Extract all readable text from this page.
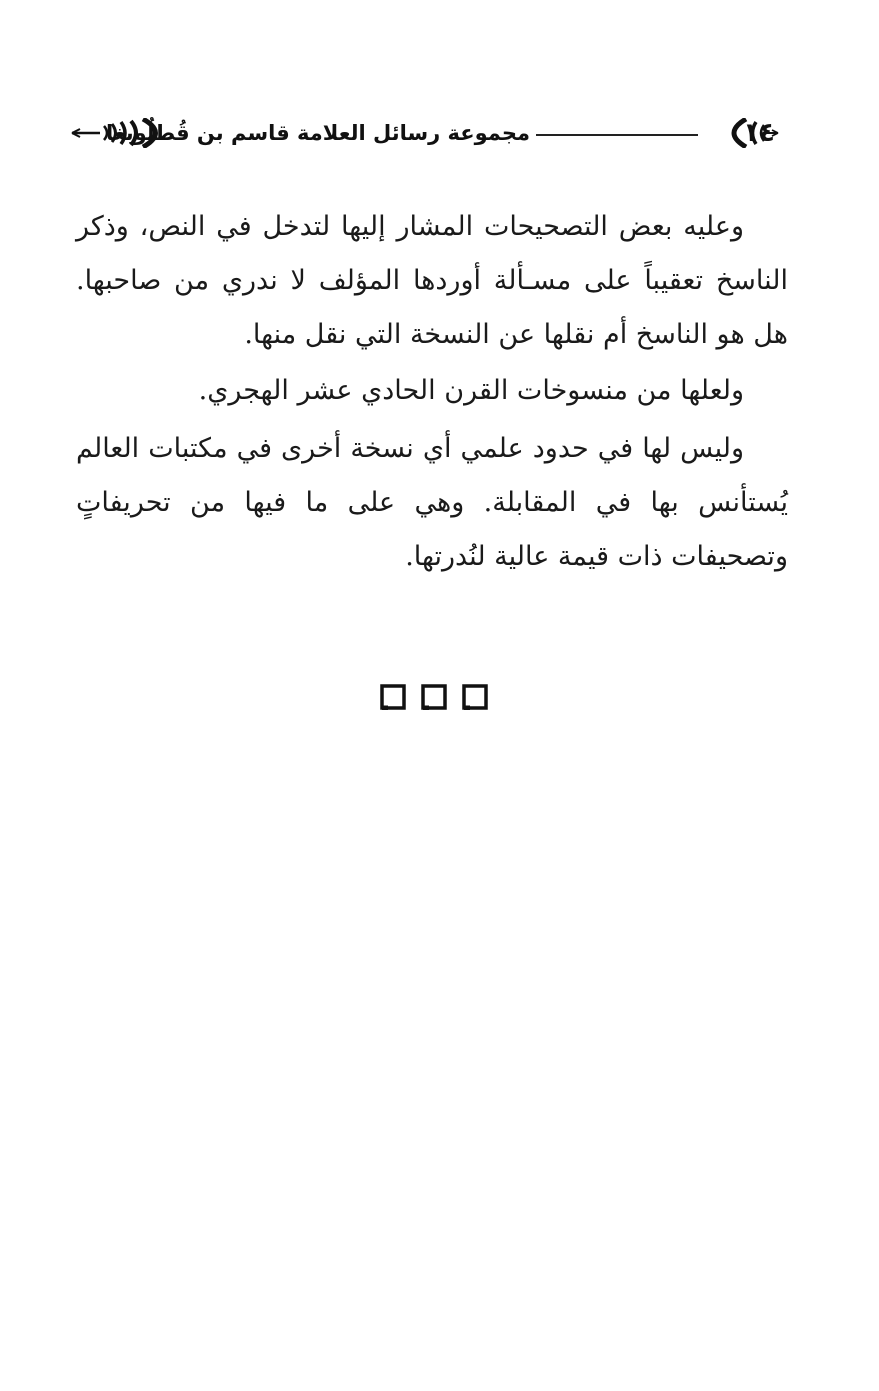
مجموعة رسائل العلامة قاسم بن قُطلُوبغا	١٤

وعليه بعض التصحيحات المشار إليها لتدخل في النص، وذكر الناسخ تعقيباً على مسـألة أوردها المؤلف لا ندري من صاحبها. هل هو الناسخ أم نقلها عن النسخة التي نقل منها.

ولعلها من منسوخات القرن الحادي عشر الهجري.

وليس لها في حدود علمي أي نسخة أخرى في مكتبات العالم يُستأنس بها في المقابلة. وهي على ما فيها من تحريفاتٍ وتصحيفات ذات قيمة عالية لنُدرتها.
